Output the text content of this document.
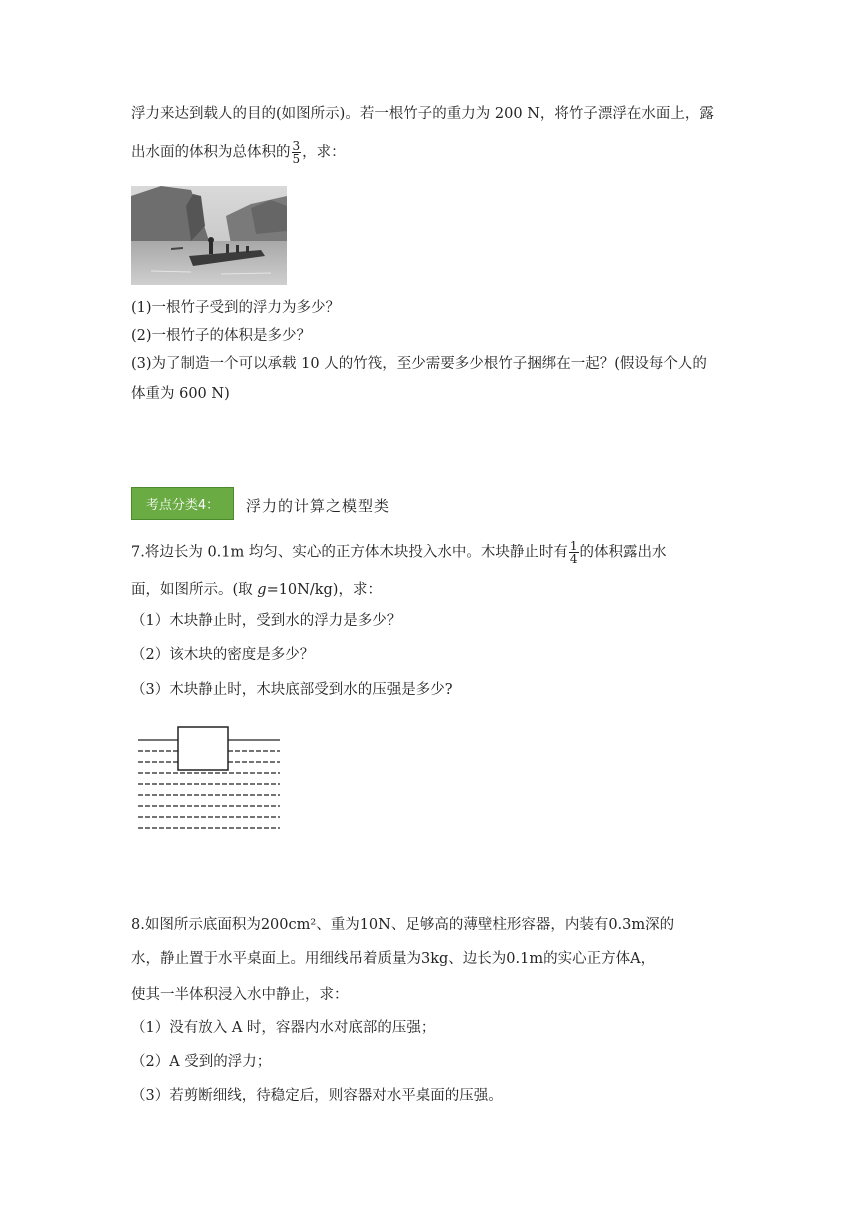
浮力来达到载人的目的(如图所示)。若一根竹子的重力为 200 N，将竹子漂浮在水面上，露
出水面的体积为总体积的 $\frac{3}{5}$ ，求：
(1)一根竹子受到的浮力为多少？
(2)一根竹子的体积是多少？
(3)为了制造一个可以承载 10 人的竹筏，至少需要多少根竹子捆绑在一起？(假设每个人的
体重为 600 N)
考点分类4：	浮力的计算之模型类
7.将边长为 0.1m 均匀、实心的正方体木块投入水中。木块静止时有 $\frac{1}{4}$ 的体积露出水
面，如图所示。(取 g=10N/kg)，求：
（1）木块静止时，受到水的浮力是多少？
（2）该木块的密度是多少？
（3）木块静止时，木块底部受到水的压强是多少?
8.如图所示底面积为200cm²、重为10N、足够高的薄壁柱形容器，内装有0.3m深的
水，静止置于水平桌面上。用细线吊着质量为3kg、边长为0.1m的实心正方体A，
使其一半体积浸入水中静止，求：
（1）没有放入 A 时，容器内水对底部的压强；
（2）A 受到的浮力；
（3）若剪断细线，待稳定后，则容器对水平桌面的压强。
